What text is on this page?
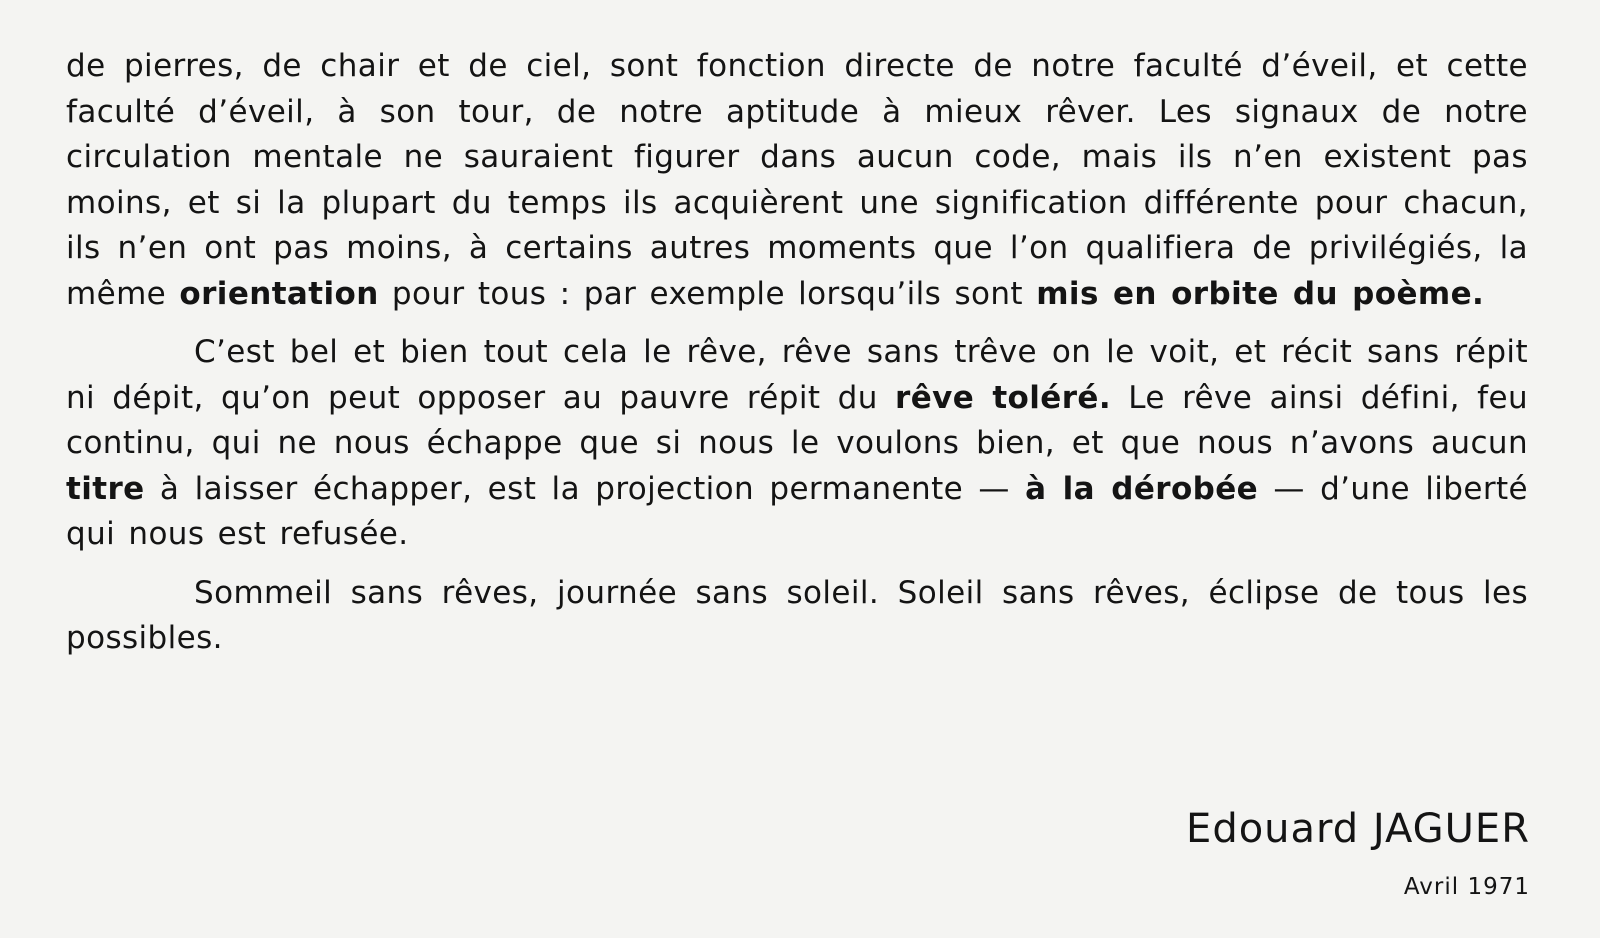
de pierres, de chair et de ciel, sont fonction directe de notre faculté d’éveil, et cette faculté d’éveil, à son tour, de notre aptitude à mieux rêver. Les signaux de notre circulation mentale ne sauraient figurer dans aucun code, mais ils n’en existent pas moins, et si la plupart du temps ils acquièrent une signification différente pour chacun, ils n’en ont pas moins, à certains autres moments que l’on qualifiera de privilégiés, la même orientation pour tous : par exemple lorsqu’ils sont mis en orbite du poème.

C’est bel et bien tout cela le rêve, rêve sans trêve on le voit, et récit sans répit ni dépit, qu’on peut opposer au pauvre répit du rêve toléré. Le rêve ainsi défini, feu continu, qui ne nous échappe que si nous le voulons bien, et que nous n’avons aucun titre à laisser échapper, est la projection permanente — à la dérobée — d’une liberté qui nous est refusée.

Sommeil sans rêves, journée sans soleil. Soleil sans rêves, éclipse de tous les possibles.

Edouard JAGUER
Avril 1971
